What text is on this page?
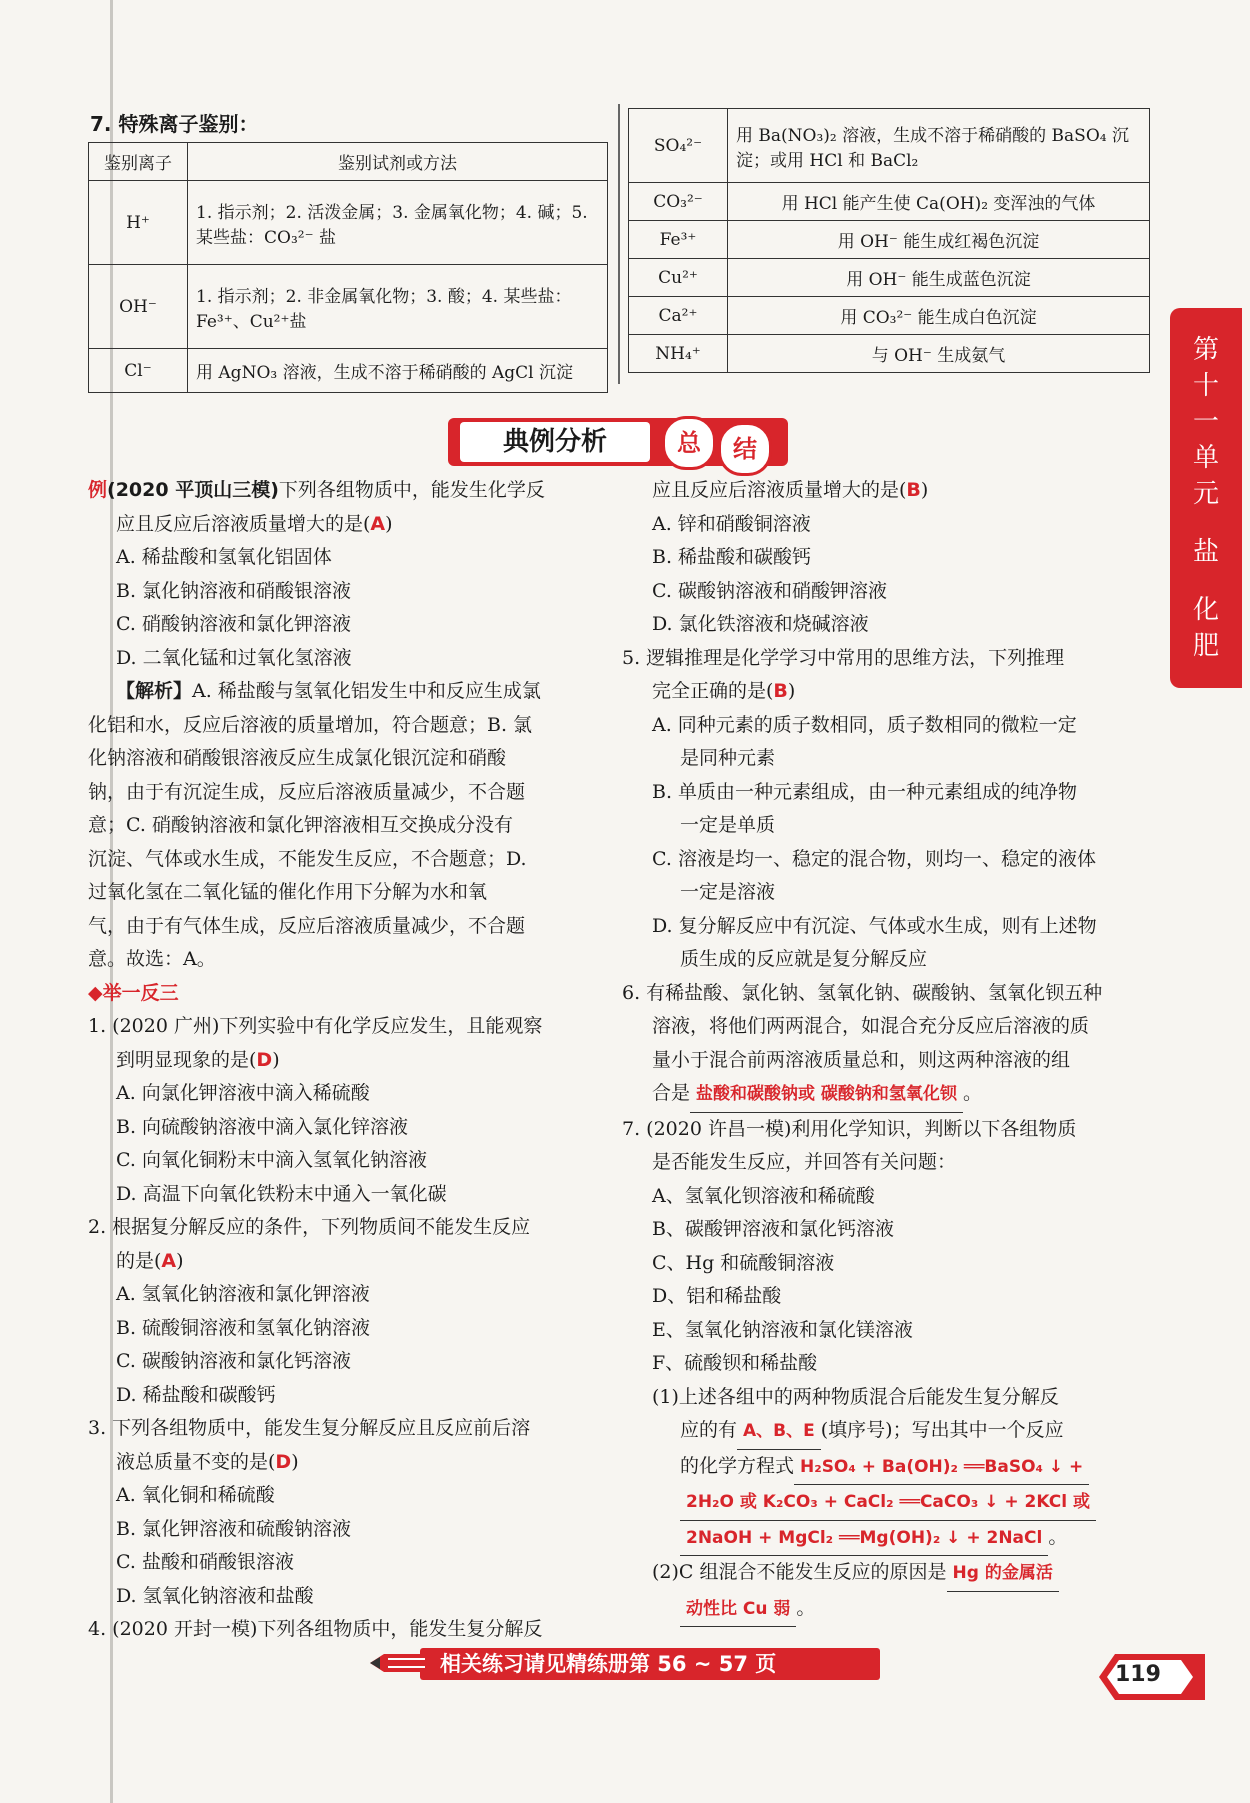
7. 特殊离子鉴别：
鉴别离子	鉴别试剂或方法
H⁺	1. 指示剂；2. 活泼金属；3. 金属氧化物；4. 碱；5. 某些盐：CO₃²⁻ 盐
OH⁻	1. 指示剂；2. 非金属氧化物；3. 酸；4. 某些盐：Fe³⁺、Cu²⁺盐
Cl⁻	用 AgNO₃ 溶液，生成不溶于稀硝酸的 AgCl 沉淀
SO₄²⁻	用 Ba(NO₃)₂ 溶液，生成不溶于稀硝酸的 BaSO₄ 沉淀；或用 HCl 和 BaCl₂
CO₃²⁻	用 HCl 能产生使 Ca(OH)₂ 变浑浊的气体
Fe³⁺	用 OH⁻ 能生成红褐色沉淀
Cu²⁺	用 OH⁻ 能生成蓝色沉淀
Ca²⁺	用 CO₃²⁻ 能生成白色沉淀
NH₄⁺	与 OH⁻ 生成氨气	第
十
一
单
元
盐
化
肥
典例分析	总	结
例(2020 平顶山三模)下列各组物质中，能发生化学反
应且反应后溶液质量增大的是(A)
A. 稀盐酸和氢氧化铝固体
B. 氯化钠溶液和硝酸银溶液
C. 硝酸钠溶液和氯化钾溶液
D. 二氧化锰和过氧化氢溶液
【解析】A. 稀盐酸与氢氧化铝发生中和反应生成氯
化铝和水，反应后溶液的质量增加，符合题意；B. 氯
化钠溶液和硝酸银溶液反应生成氯化银沉淀和硝酸
钠，由于有沉淀生成，反应后溶液质量减少，不合题
意；C. 硝酸钠溶液和氯化钾溶液相互交换成分没有
沉淀、气体或水生成，不能发生反应，不合题意；D.
过氧化氢在二氧化锰的催化作用下分解为水和氧
气，由于有气体生成，反应后溶液质量减少，不合题
意。故选：A。
◆举一反三
1. (2020 广州)下列实验中有化学反应发生，且能观察
到明显现象的是(D)
A. 向氯化钾溶液中滴入稀硫酸
B. 向硫酸钠溶液中滴入氯化锌溶液
C. 向氧化铜粉末中滴入氢氧化钠溶液
D. 高温下向氧化铁粉末中通入一氧化碳
2. 根据复分解反应的条件，下列物质间不能发生反应
的是(A)
A. 氢氧化钠溶液和氯化钾溶液
B. 硫酸铜溶液和氢氧化钠溶液
C. 碳酸钠溶液和氯化钙溶液
D. 稀盐酸和碳酸钙
3. 下列各组物质中，能发生复分解反应且反应前后溶
液总质量不变的是(D)
A. 氧化铜和稀硫酸
B. 氯化钾溶液和硫酸钠溶液
C. 盐酸和硝酸银溶液
D. 氢氧化钠溶液和盐酸
4. (2020 开封一模)下列各组物质中，能发生复分解反
应且反应后溶液质量增大的是(B)
A. 锌和硝酸铜溶液
B. 稀盐酸和碳酸钙
C. 碳酸钠溶液和硝酸钾溶液
D. 氯化铁溶液和烧碱溶液
5. 逻辑推理是化学学习中常用的思维方法，下列推理
完全正确的是(B)
A. 同种元素的质子数相同，质子数相同的微粒一定
是同种元素
B. 单质由一种元素组成，由一种元素组成的纯净物
一定是单质
C. 溶液是均一、稳定的混合物，则均一、稳定的液体
一定是溶液
D. 复分解反应中有沉淀、气体或水生成，则有上述物
质生成的反应就是复分解反应
6. 有稀盐酸、氯化钠、氢氧化钠、碳酸钠、氢氧化钡五种
溶液，将他们两两混合，如混合充分反应后溶液的质
量小于混合前两溶液质量总和，则这两种溶液的组
合是 盐酸和碳酸钠或 碳酸钠和氢氧化钡 。
7. (2020 许昌一模)利用化学知识，判断以下各组物质
是否能发生反应，并回答有关问题：
A、氢氧化钡溶液和稀硫酸
B、碳酸钾溶液和氯化钙溶液
C、Hg 和硫酸铜溶液
D、铝和稀盐酸
E、氢氧化钠溶液和氯化镁溶液
F、硫酸钡和稀盐酸
(1)上述各组中的两种物质混合后能发生复分解反
应的有 A、B、E (填序号)；写出其中一个反应
的化学方程式 H₂SO₄ + Ba(OH)₂ ══BaSO₄ ↓ +
2H₂O 或 K₂CO₃ + CaCl₂ ══CaCO₃ ↓ + 2KCl 或
2NaOH + MgCl₂ ══Mg(OH)₂ ↓ + 2NaCl 。
(2)C 组混合不能发生反应的原因是 Hg 的金属活
动性比 Cu 弱 。
相关练习请见精练册第 56 ~ 57 页	119
